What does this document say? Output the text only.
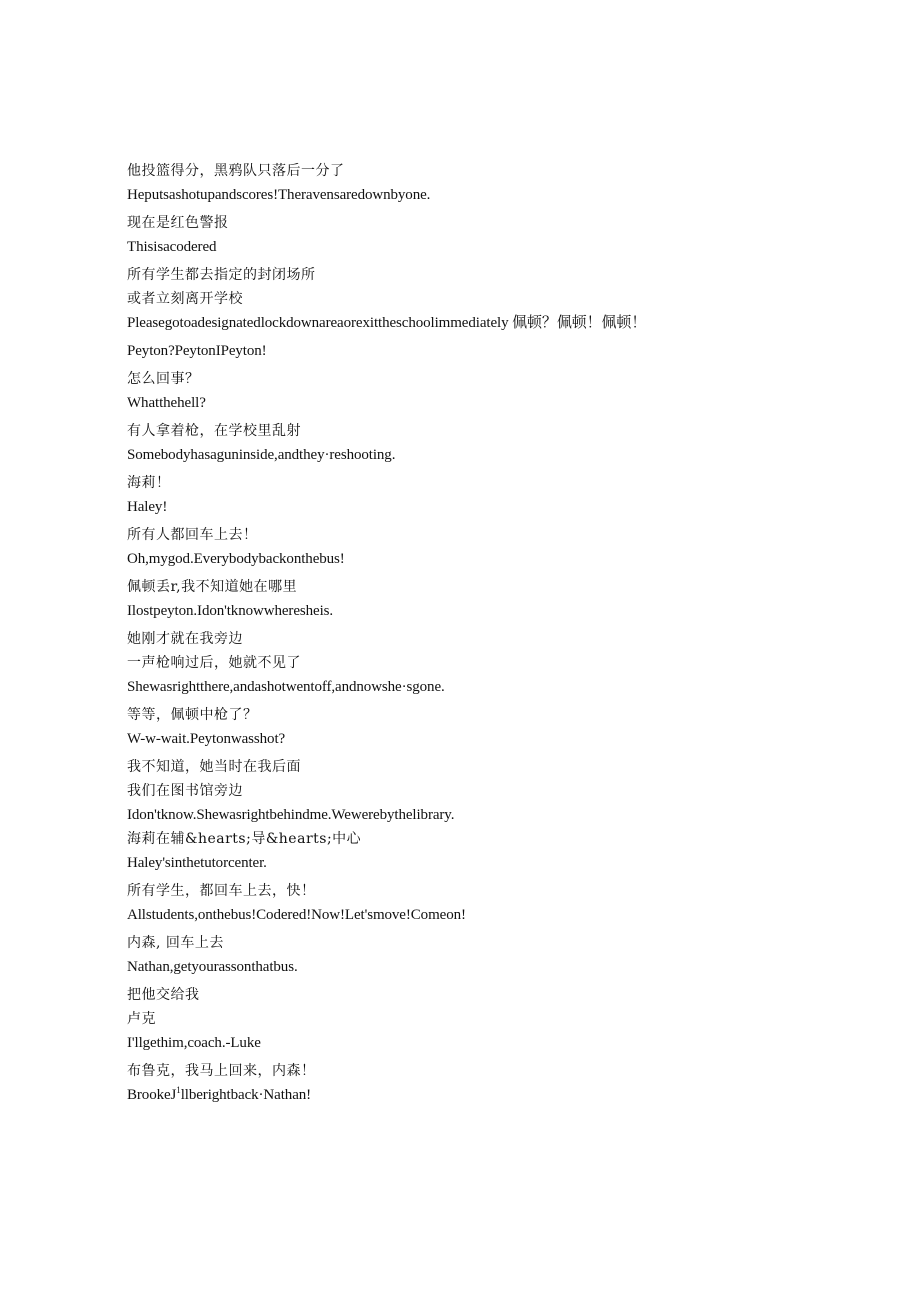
他投篮得分，黑鸦队只落后一分了
Heputsashotupandscores!Theravensaredownbyone.
现在是红色警报
Thisisacodered
所有学生都去指定的封闭场所
或者立刻离开学校
Pleasegotoadesignatedlockdownareaorexittheschoolimmediately 佩顿？佩顿！佩顿！
Peyton?PeytonIPeyton!
怎么回事？
Whatthehell?
有人拿着枪，在学校里乱射
Somebodyhasaguninside,andthey·reshooting.
海莉！
Haley!
所有人都回车上去！
Oh,mygod.Everybodybackonthebus!
佩顿丢r,我不知道她在哪里
Ilostpeyton.Idon'tknowwheresheis.
她刚才就在我旁边
一声枪响过后，她就不见了
Shewasrightthere,andashotwentoff,andnowshe·sgone.
等等，佩顿中枪了？
W-w-wait.Peytonwasshot?
我不知道，她当时在我后面
我们在图书馆旁边
Idon'tknow.Shewasrightbehindme.Wewerebythelibrary.
海莉在辅&hearts;导&hearts;中心
Haley'sinthetutorcenter.
所有学生，都回车上去，快！
Allstudents,onthebus!Codered!Now!Let'smove!Comeon!
内森, 回车上去
Nathan,getyourassonthatbus.
把他交给我
卢克
I'llgethim,coach.-Luke
布鲁克，我马上回来，内森！
BrookeJ$^1$llberightback·Nathan!
